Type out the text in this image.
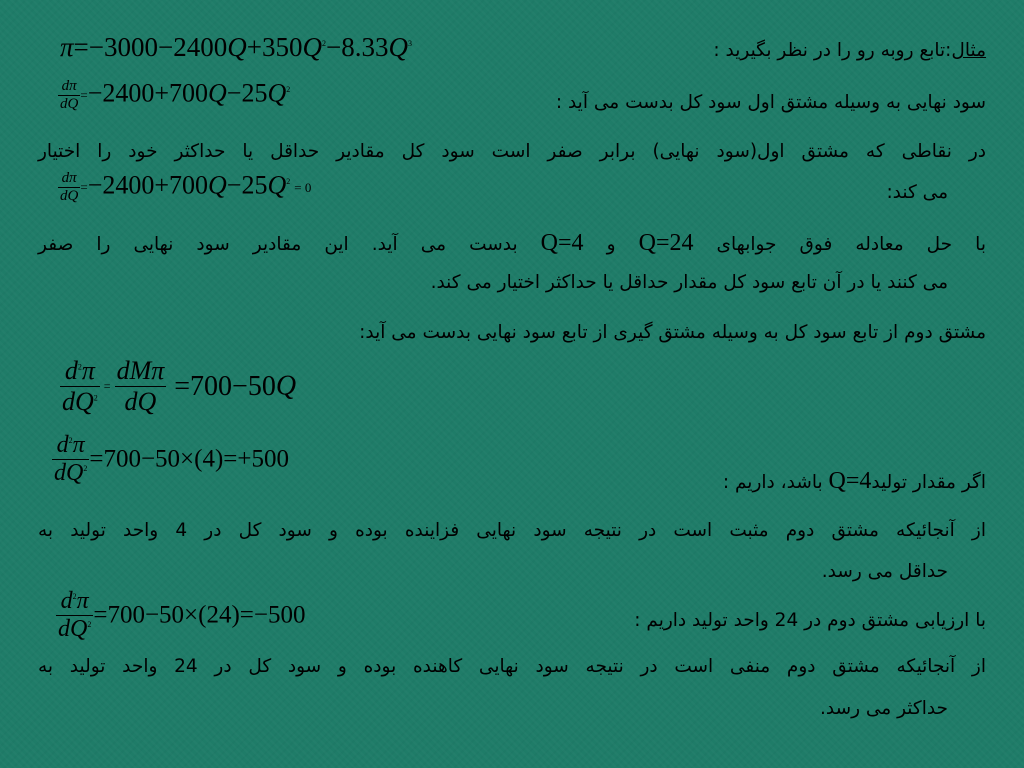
مثال:تابع روبه رو را در نظر بگیرید :
$\pi=-3000-2400Q+350Q^2-8.33Q^3$
سود نهایی به وسیله مشتق اول سود کل بدست می آید :
$\frac{d\pi}{dQ} =-2400+700Q-25Q^2$
در نقاطی که مشتق اول(سود نهایی) برابر صفر است سود کل مقادیر حداقل یا حداکثر خود را اختیار
می کند:
$\frac{d\pi}{dQ} =-2400+700Q-25Q^2 = 0$
با حل معادله فوق جوابهای Q=24 و Q=4 بدست می آید. این مقادیر سود نهایی را صفر
می کنند یا در آن تابع سود کل مقدار حداقل یا حداکثر اختیار می کند.
مشتق دوم از تابع سود کل به وسیله مشتق گیری از تابع سود نهایی بدست می آید:
$\frac{d^2\pi}{dQ^2} = \frac{\text{dMπ}}{dQ} =700-50Q$
$\frac{d^2\pi}{dQ^2} =700-50\times(4)=+500$
اگر مقدار تولیدQ=4 باشد، داریم :
از آنجائیکه مشتق دوم مثبت است در نتیجه سود نهایی فزاینده بوده و سود کل در 4 واحد تولید به
حداقل می رسد.
$\frac{d^2\pi}{dQ^2} =700-50\times(24)=-500$	با ارزیابی مشتق دوم در 24 واحد تولید داریم :
از آنجائیکه مشتق دوم منفی است در نتیجه سود نهایی کاهنده بوده و سود کل در 24 واحد تولید به
حداکثر می رسد.
